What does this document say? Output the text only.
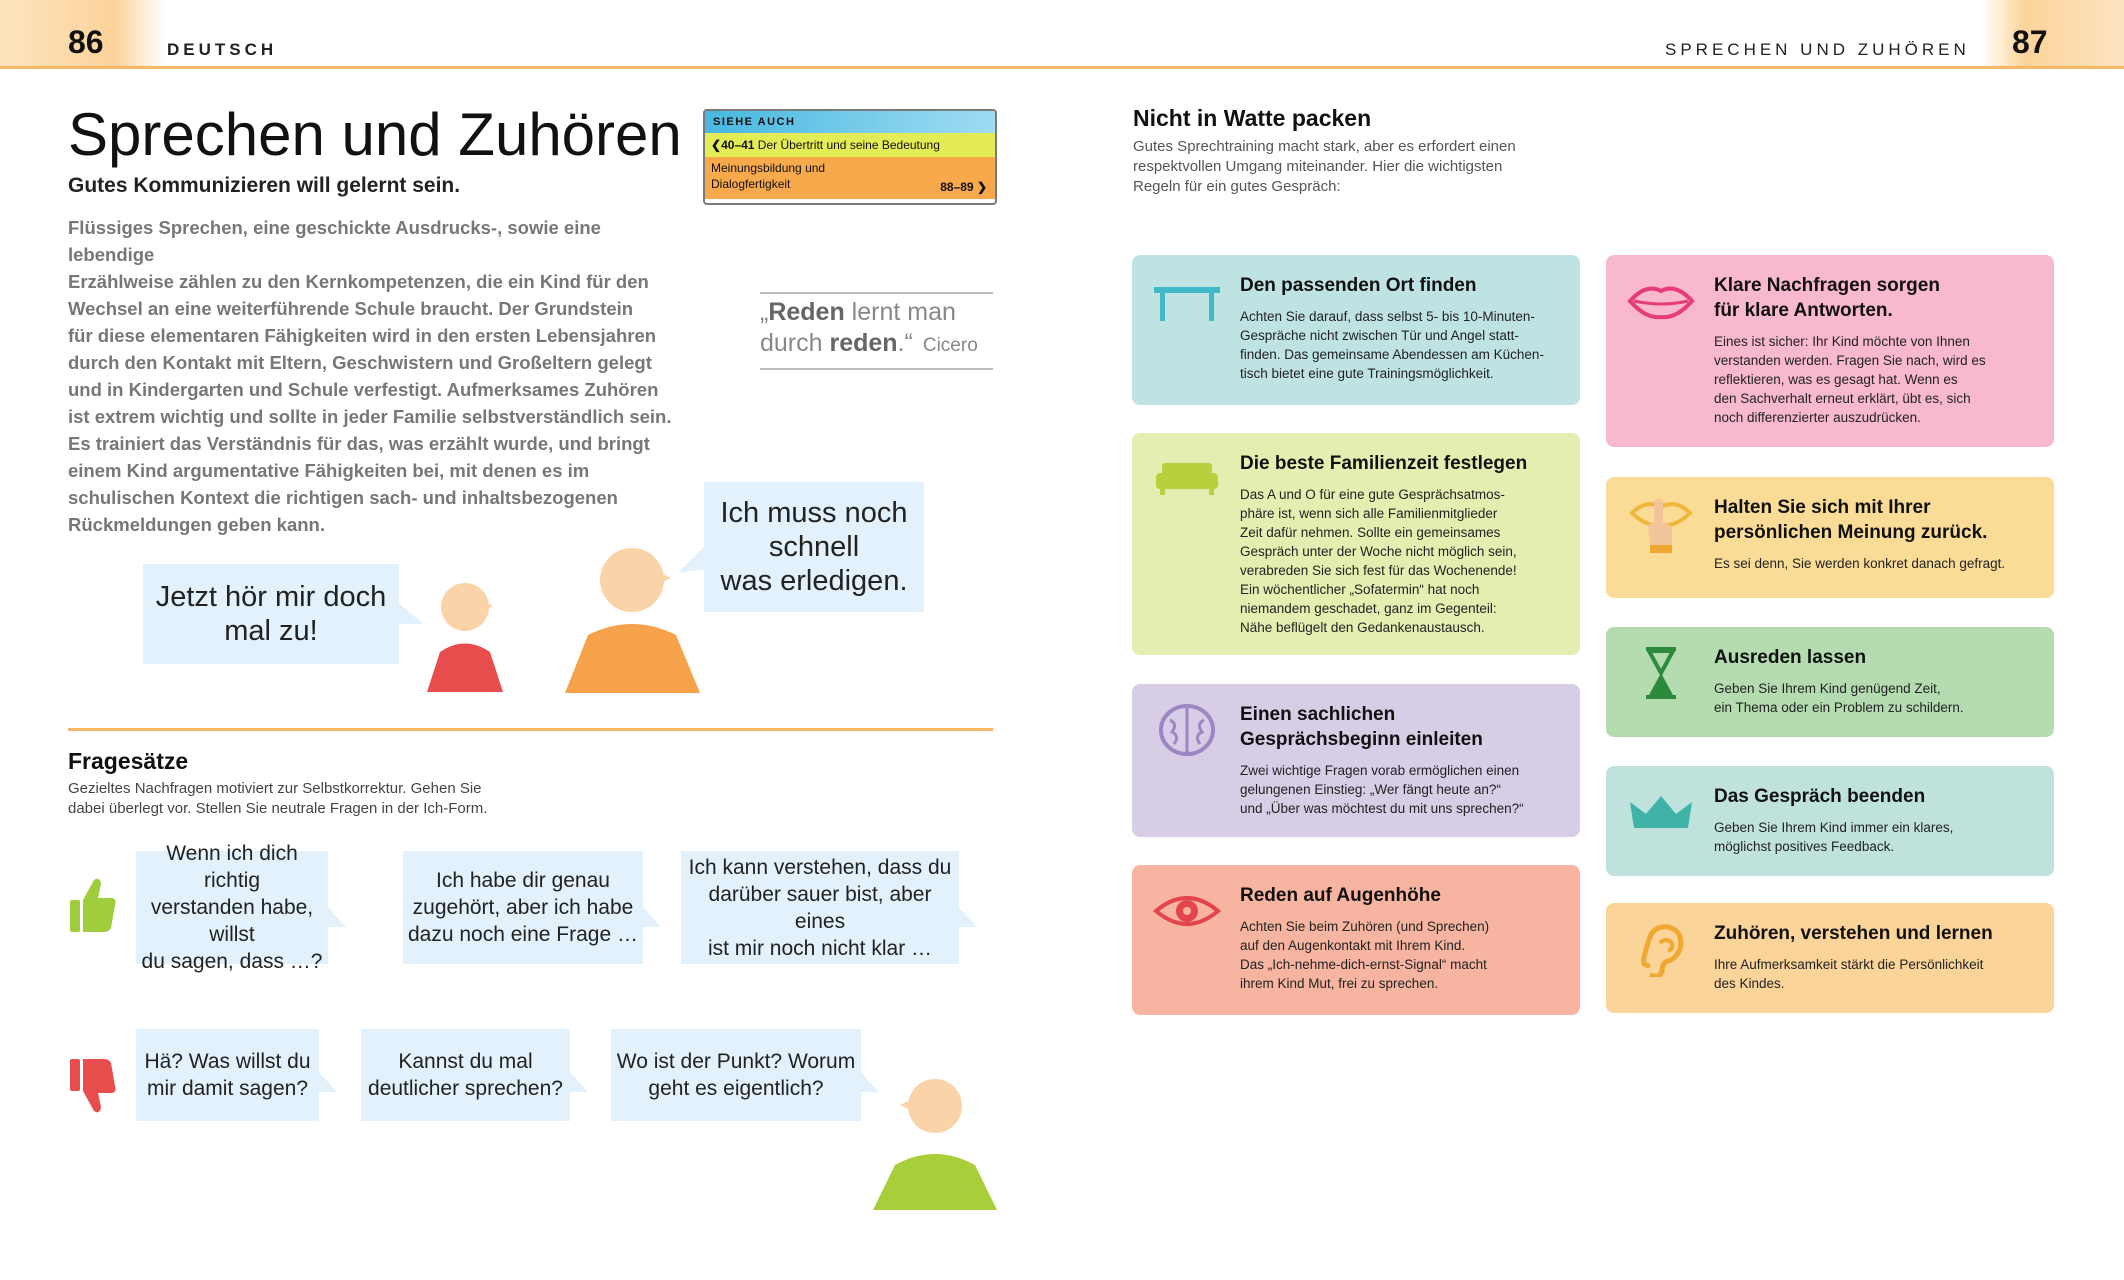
86	DEUTSCH	SPRECHEN UND ZUHÖREN 87
Sprechen und Zuhören
Gutes Kommunizieren will gelernt sein.
Flüssiges Sprechen, eine geschickte Ausdrucks-, sowie eine lebendige
Erzählweise zählen zu den Kernkompetenzen, die ein Kind für den
Wechsel an eine weiterführende Schule braucht. Der Grundstein
für diese elementaren Fähigkeiten wird in den ersten Lebensjahren
durch den Kontakt mit Eltern, Geschwistern und Großeltern gelegt
und in Kindergarten und Schule verfestigt. Aufmerksames Zuhören
ist extrem wichtig und sollte in jeder Familie selbstverständlich sein.
Es trainiert das Verständnis für das, was erzählt wurde, und bringt
einem Kind argumentative Fähigkeiten bei, mit denen es im
schulischen Kontext die richtigen sach- und inhaltsbezogenen
Rückmeldungen geben kann.
SIEHE AUCH
❮40–41 Der Übertritt und seine Bedeutung
Meinungsbildung und
Dialogfertigkeit	88–89 ❯
„Reden lernt man
durch reden.“ Cicero
Jetzt hör mir doch
mal zu!
Ich muss noch
schnell
was erledigen.
Fragesätze
Gezieltes Nachfragen motiviert zur Selbstkorrektur. Gehen Sie
dabei überlegt vor. Stellen Sie neutrale Fragen in der Ich-Form.
Wenn ich dich richtig
verstanden habe, willst
du sagen, dass …?
Ich habe dir genau
zugehört, aber ich habe
dazu noch eine Frage …
Ich kann verstehen, dass du
darüber sauer bist, aber eines
ist mir noch nicht klar …
Hä? Was willst du
mir damit sagen?
Kannst du mal
deutlicher sprechen?
Wo ist der Punkt? Worum
geht es eigentlich?
Nicht in Watte packen
Gutes Sprechtraining macht stark, aber es erfordert einen
respektvollen Umgang miteinander. Hier die wichtigsten
Regeln für ein gutes Gespräch:
Den passenden Ort finden
Achten Sie darauf, dass selbst 5- bis 10-Minuten-
Gespräche nicht zwischen Tür und Angel statt-
finden. Das gemeinsame Abendessen am Küchen-
tisch bietet eine gute Trainingsmöglichkeit.
Die beste Familienzeit festlegen
Das A und O für eine gute Gesprächsatmos-
phäre ist, wenn sich alle Familienmitglieder
Zeit dafür nehmen. Sollte ein gemeinsames
Gespräch unter der Woche nicht möglich sein,
verabreden Sie sich fest für das Wochenende!
Ein wöchentlicher „Sofatermin“ hat noch
niemandem geschadet, ganz im Gegenteil:
Nähe beflügelt den Gedankenaustausch.
Einen sachlichen
Gesprächsbeginn einleiten
Zwei wichtige Fragen vorab ermöglichen einen
gelungenen Einstieg: „Wer fängt heute an?“
und „Über was möchtest du mit uns sprechen?“
Reden auf Augenhöhe
Achten Sie beim Zuhören (und Sprechen)
auf den Augenkontakt mit Ihrem Kind.
Das „Ich-nehme-dich-ernst-Signal“ macht
ihrem Kind Mut, frei zu sprechen.
Klare Nachfragen sorgen
für klare Antworten.
Eines ist sicher: Ihr Kind möchte von Ihnen
verstanden werden. Fragen Sie nach, wird es
reflektieren, was es gesagt hat. Wenn es
den Sachverhalt erneut erklärt, übt es, sich
noch differenzierter auszudrücken.
Halten Sie sich mit Ihrer
persönlichen Meinung zurück.
Es sei denn, Sie werden konkret danach gefragt.
Ausreden lassen
Geben Sie Ihrem Kind genügend Zeit,
ein Thema oder ein Problem zu schildern.
Das Gespräch beenden
Geben Sie Ihrem Kind immer ein klares,
möglichst positives Feedback.
Zuhören, verstehen und lernen
Ihre Aufmerksamkeit stärkt die Persönlichkeit
des Kindes.
